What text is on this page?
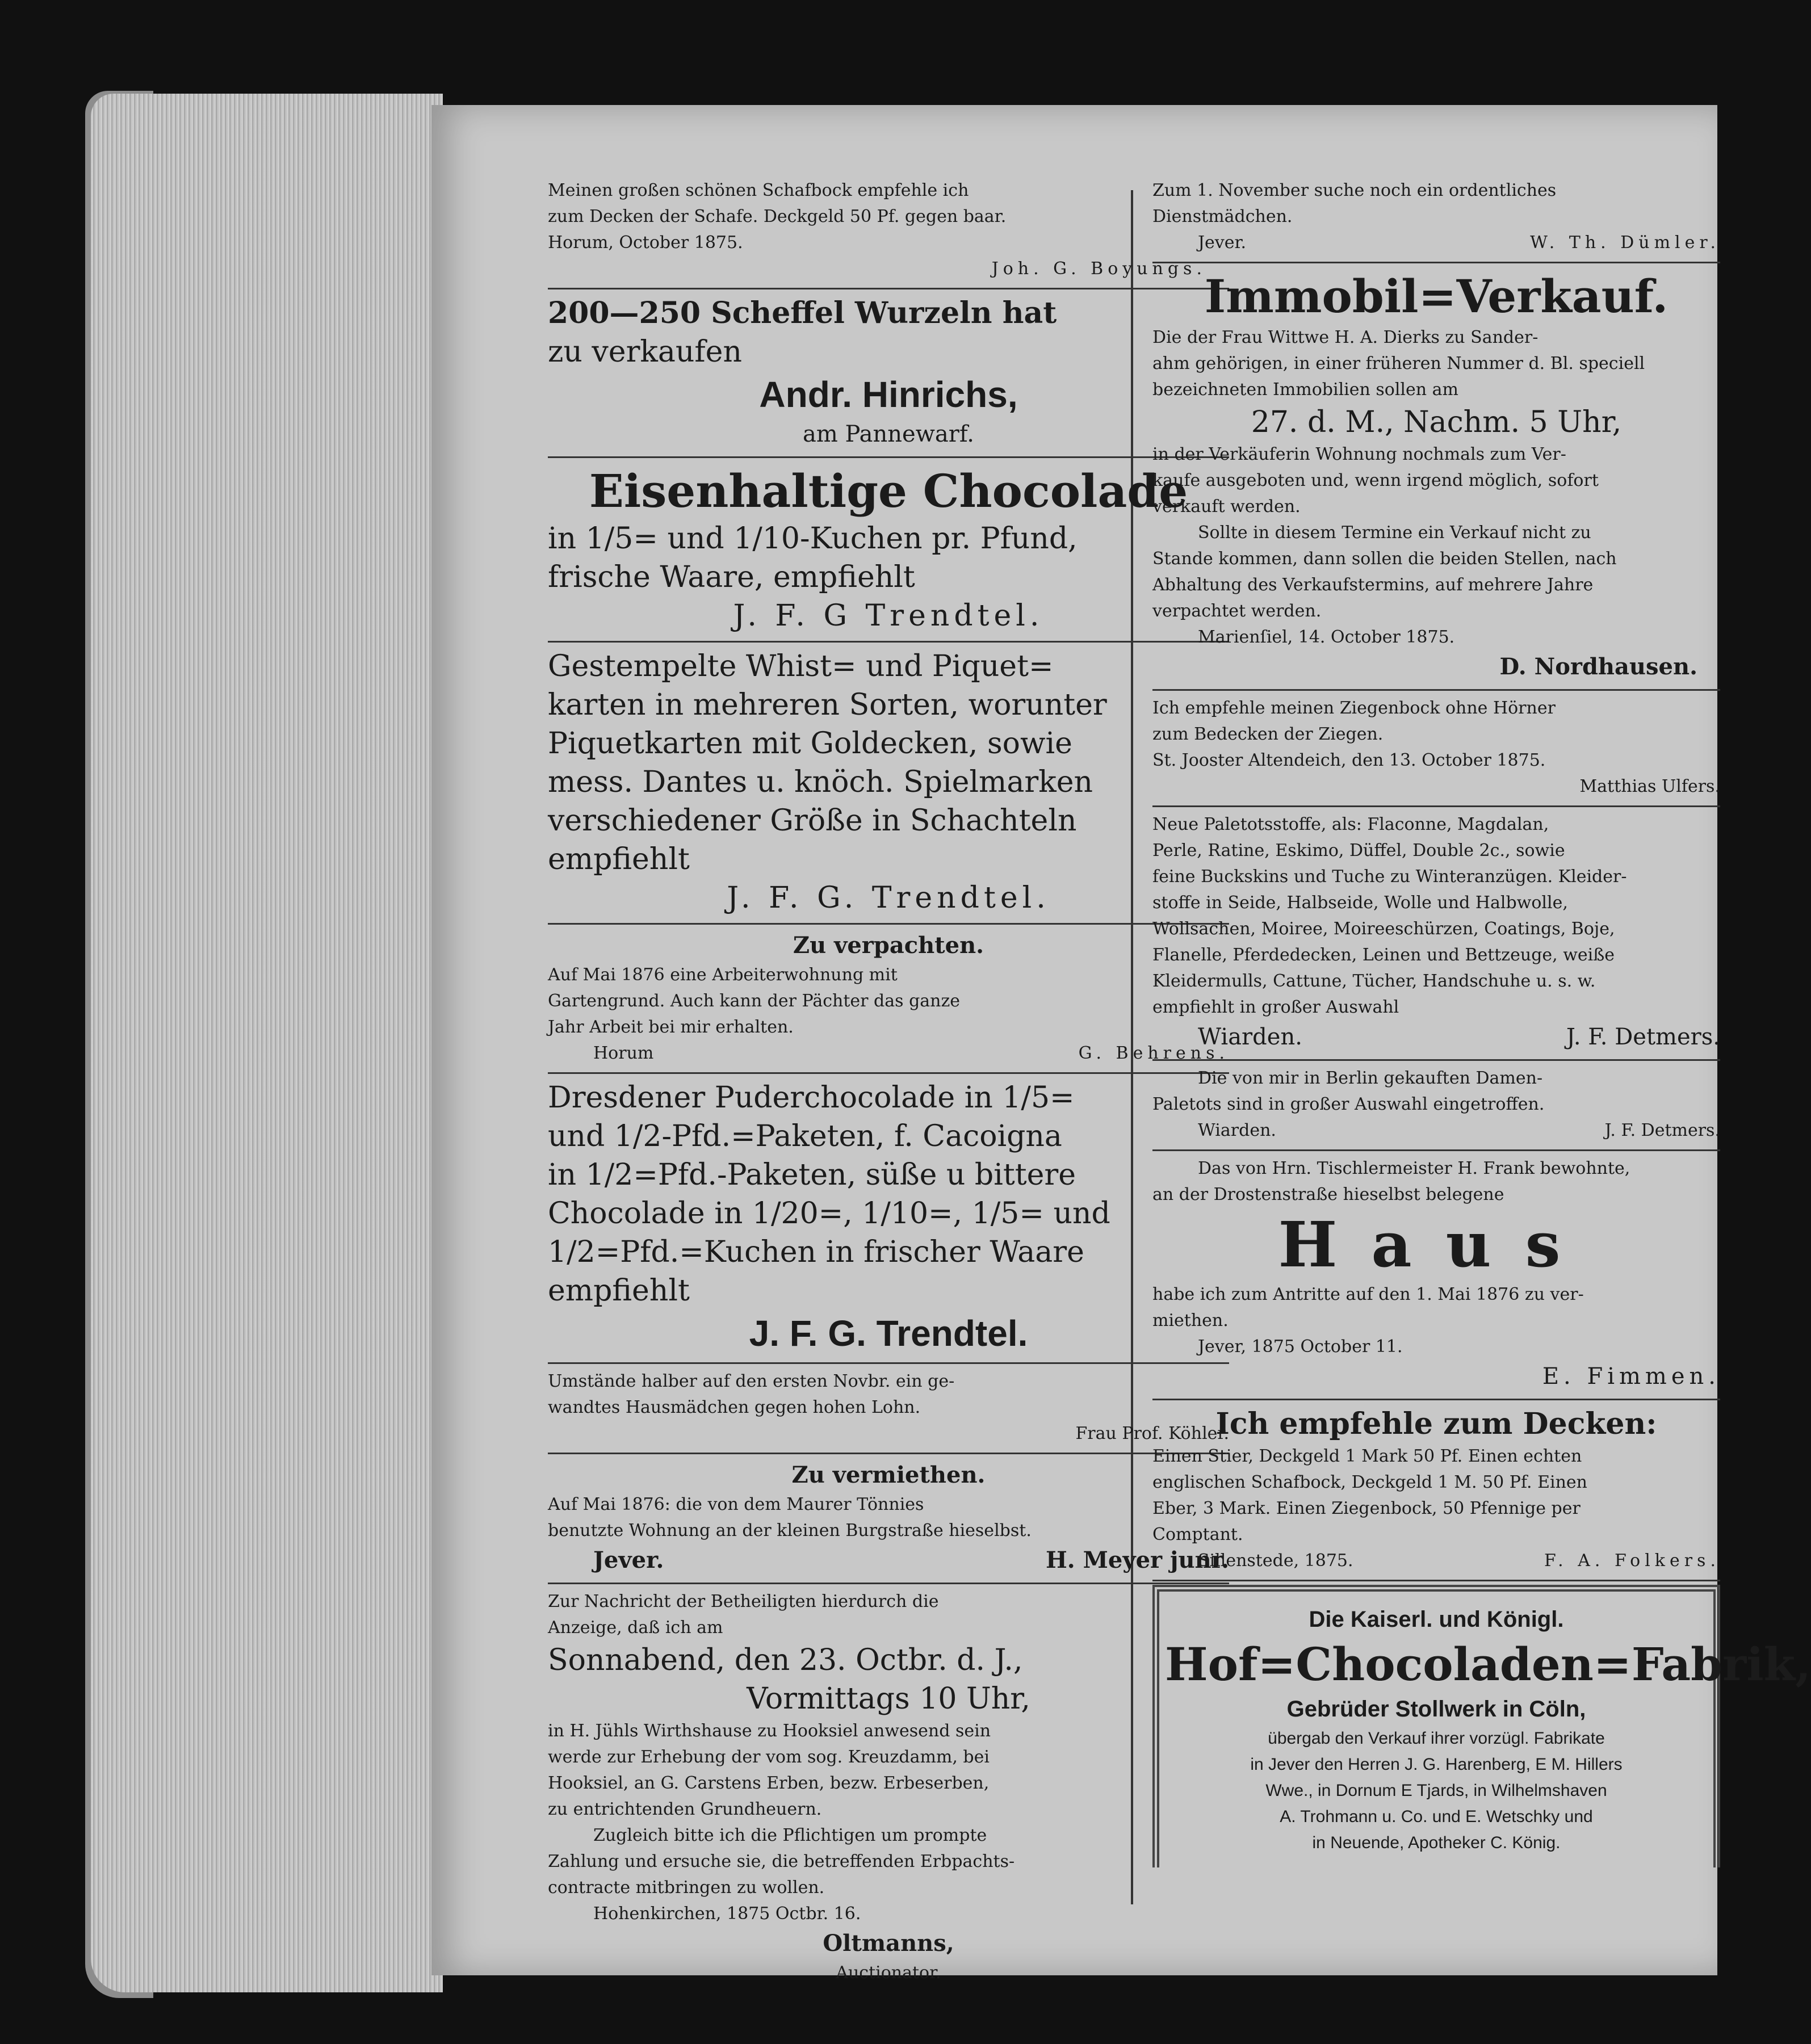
Meinen großen schönen Schafbock empfehle ich

zum Decken der Schafe. Deckgeld 50 Pf. gegen baar.

Horum, October 1875.

Joh. G. Boyungs.

200—250 Scheffel Wurzeln hat

zu verkaufen

Andr. Hinrichs,

am Pannewarf.

Eisenhaltige Chocolade

in 1/5= und 1/10-Kuchen pr. Pfund,

frische Waare, empfiehlt

J. F. G Trendtel.

Gestempelte Whist= und Piquet=

karten in mehreren Sorten, worunter

Piquetkarten mit Goldecken, sowie

mess. Dantes u. knöch. Spielmarken

verschiedener Größe in Schachteln

empfiehlt

J. F. G. Trendtel.

Zu verpachten.

Auf Mai 1876 eine Arbeiterwohnung mit

Gartengrund. Auch kann der Pächter das ganze

Jahr Arbeit bei mir erhalten.

Horum	G. Behrens.

Dresdener Puderchocolade in 1/5=

und 1/2-Pfd.=Paketen, f. Cacoigna

in 1/2=Pfd.-Paketen, süße u bittere

Chocolade in 1/20=, 1/10=, 1/5= und

1/2=Pfd.=Kuchen in frischer Waare

empfiehlt

J. F. G. Trendtel.

Umstände halber auf den ersten Novbr. ein ge-

wandtes Hausmädchen gegen hohen Lohn.

Frau Prof. Köhler.

Zu vermiethen.

Auf Mai 1876: die von dem Maurer Tönnies

benutzte Wohnung an der kleinen Burgstraße hieselbst.

Jever.	H. Meyer junr.

Zur Nachricht der Betheiligten hierdurch die

Anzeige, daß ich am

Sonnabend, den 23. Octbr. d. J.,

Vormittags 10 Uhr,

in H. Jühls Wirthshause zu Hooksiel anwesend sein

werde zur Erhebung der vom sog. Kreuzdamm, bei

Hooksiel, an G. Carstens Erben, bezw. Erbeserben,

zu entrichtenden Grundheuern.

Zugleich bitte ich die Pflichtigen um prompte

Zahlung und ersuche sie, die betreffenden Erbpachts-

contracte mitbringen zu wollen.

Hohenkirchen, 1875 Octbr. 16.

Oltmanns,

Auctionator.

Zum 1. November suche noch ein ordentliches

Dienstmädchen.

Jever.	W. Th. Dümler.

Immobil=Verkauf.

Die der Frau Wittwe H. A. Dierks zu Sander-

ahm gehörigen, in einer früheren Nummer d. Bl. speciell

bezeichneten Immobilien sollen am

27. d. M., Nachm. 5 Uhr,

in der Verkäuferin Wohnung nochmals zum Ver-

kaufe ausgeboten und, wenn irgend möglich, sofort

verkauft werden.

Sollte in diesem Termine ein Verkauf nicht zu

Stande kommen, dann sollen die beiden Stellen, nach

Abhaltung des Verkaufstermins, auf mehrere Jahre

verpachtet werden.

Marienſiel, 14. October 1875.

D. Nordhausen.

Ich empfehle meinen Ziegenbock ohne Hörner

zum Bedecken der Ziegen.

St. Jooster Altendeich, den 13. October 1875.

Matthias Ulfers.

Neue Paletotsstoffe, als: Flaconne, Magdalan,

Perle, Ratine, Eskimo, Düffel, Double 2c., sowie

feine Buckskins und Tuche zu Winteranzügen. Kleider-

stoffe in Seide, Halbseide, Wolle und Halbwolle,

Wollsachen, Moiree, Moireeschürzen, Coatings, Boje,

Flanelle, Pferdedecken, Leinen und Bettzeuge, weiße

Kleidermulls, Cattune, Tücher, Handschuhe u. s. w.

empfiehlt in großer Auswahl

Wiarden.	J. F. Detmers.

Die von mir in Berlin gekauften Damen-

Paletots sind in großer Auswahl eingetroffen.

Wiarden.	J. F. Detmers.

Das von Hrn. Tischlermeister H. Frank bewohnte,

an der Drostenstraße hieselbst belegene

Haus

habe ich zum Antritte auf den 1. Mai 1876 zu ver-

miethen.

Jever, 1875 October 11.

E. Fimmen.

Ich empfehle zum Decken:

Einen Stier, Deckgeld 1 Mark 50 Pf. Einen echten

englischen Schafbock, Deckgeld 1 M. 50 Pf. Einen

Eber, 3 Mark. Einen Ziegenbock, 50 Pfennige per

Comptant.

Sillenstede, 1875.	F. A. Folkers.

Die Kaiserl. und Königl.

Hof=Chocoladen=Fabrik,

Gebrüder Stollwerk in Cöln,

übergab den Verkauf ihrer vorzügl. Fabrikate

in Jever den Herren J. G. Harenberg, E M. Hillers

Wwe., in Dornum E Tjards, in Wilhelmshaven

A. Trohmann u. Co. und E. Wetschky und

in Neuende, Apotheker C. König.
